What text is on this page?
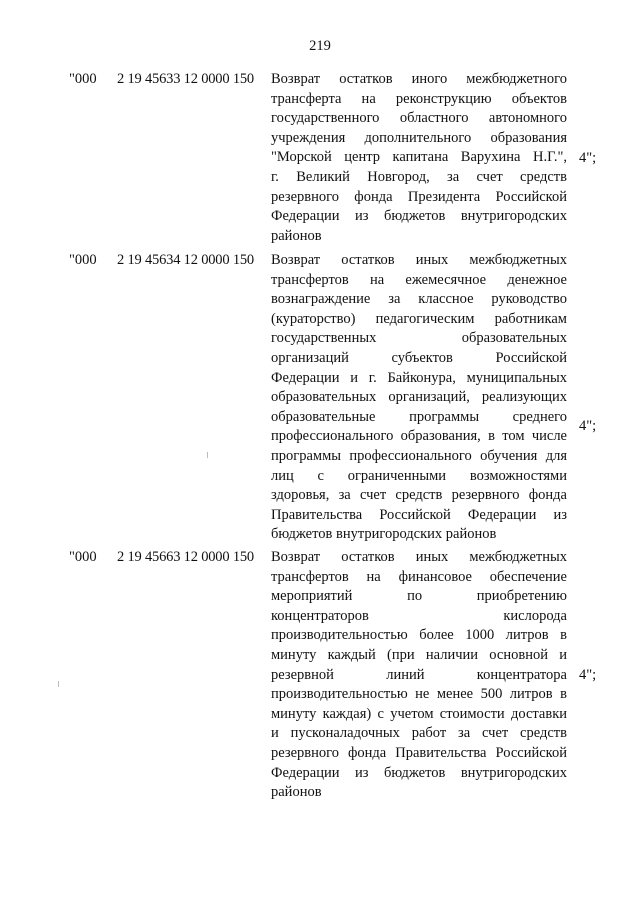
219
"000 2 19 45633 12 0000 150 Возврат остатков иного межбюджетного
трансферта на реконструкцию объектов
государственного областного автономного
учреждения дополнительного образования
"Морской центр капитана Варухина Н.Г.",
г. Великий Новгород, за счет средств
резервного фонда Президента Российской
Федерации из бюджетов внутригородских
районов
4";
"000 2 19 45634 12 0000 150 Возврат остатков иных межбюджетных
трансфертов на ежемесячное денежное
вознаграждение за классное руководство
(кураторство) педагогическим работникам
государственных образовательных
организаций субъектов Российской
Федерации и г. Байконура, муниципальных
образовательных организаций, реализующих
образовательные программы среднего
профессионального образования, в том числе
программы профессионального обучения для
лиц с ограниченными возможностями
здоровья, за счет средств резервного фонда
Правительства Российской Федерации из
бюджетов внутригородских районов
4";
"000 2 19 45663 12 0000 150 Возврат остатков иных межбюджетных
трансфертов на финансовое обеспечение
мероприятий по приобретению
концентраторов кислорода
производительностью более 1000 литров в
минуту каждый (при наличии основной и
резервной линий концентратора
производительностью не менее 500 литров в
минуту каждая) с учетом стоимости доставки
и пусконаладочных работ за счет средств
резервного фонда Правительства Российской
Федерации из бюджетов внутригородских
районов
4";
